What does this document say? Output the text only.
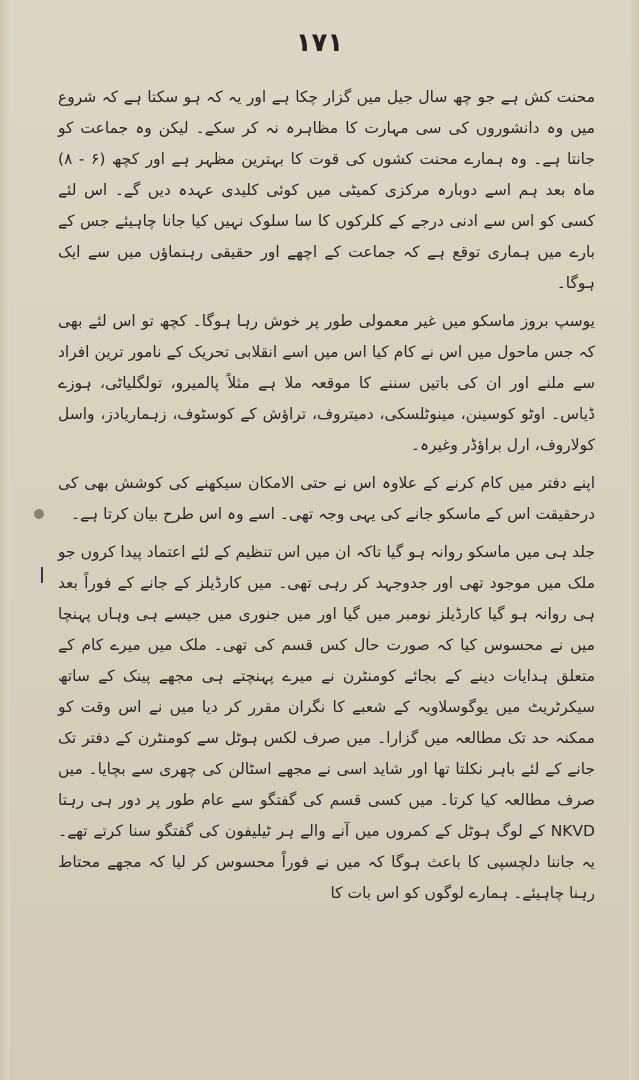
۱۷۱

محنت کش ہے جو چھ سال جیل میں گزار چکا ہے اور یہ کہ ہو سکتا ہے کہ شروع میں وہ دانشوروں کی سی مہارت کا مظاہرہ نہ کر سکے۔ لیکن وہ جماعت کو جانتا ہے۔ وہ ہمارے محنت کشوں کی قوت کا بہترین مظہر ہے اور کچھ (۶ - ۸) ماہ بعد ہم اسے دوبارہ مرکزی کمیٹی میں کوئی کلیدی عہدہ دیں گے۔ اس لئے کسی کو اس سے ادنی درجے کے کلرکوں کا سا سلوک نہیں کیا جانا چاہیئے جس کے بارے میں ہماری توقع ہے کہ جماعت کے اچھے اور حقیقی رہنماؤں میں سے ایک ہوگا۔

یوسپ بروز ماسکو میں غیر معمولی طور پر خوش رہا ہوگا۔ کچھ تو اس لئے بھی کہ جس ماحول میں اس نے کام کیا اس میں اسے انقلابی تحریک کے نامور ترین افراد سے ملنے اور ان کی باتیں سننے کا موقعہ ملا ہے مثلاً پالمیرو، تولگلیاٹی، ہوزے ڈیاس۔ اوٹو کوسینن، مینوٹلسکی، دمیتروف، تراؤش کے کوسٹوف، زہماریادز، واسل کولاروف، ارل براؤڈر وغیرہ۔

اپنے دفتر میں کام کرنے کے علاوہ اس نے حتی الامکان سیکھنے کی کوشش بھی کی درحقیقت اس کے ماسکو جانے کی یہی وجہ تھی۔ اسے وہ اس طرح بیان کرتا ہے۔

جلد ہی میں ماسکو روانہ ہو گیا تاکہ ان میں اس تنظیم کے لئے اعتماد پیدا کروں جو ملک میں موجود تھی اور جدوجہد کر رہی تھی۔ میں کارڈیلز کے جانے کے فوراً بعد ہی روانہ ہو گیا کارڈیلز نومبر میں گیا اور میں جنوری میں جیسے ہی وہاں پہنچا میں نے محسوس کیا کہ صورت حال کس قسم کی تھی۔ ملک میں میرے کام کے متعلق ہدایات دینے کے بجائے کومنٹرن نے میرے پہنچتے ہی مجھے پینک کے ساتھ سیکرٹریٹ میں یوگوسلاویہ کے شعبے کا نگران مقرر کر دیا میں نے اس وقت کو ممکنہ حد تک مطالعہ میں گزارا۔ میں صرف لکس ہوٹل سے کومنٹرن کے دفتر تک جانے کے لئے باہر نکلتا تھا اور شاید اسی نے مجھے اسٹالن کی چھری سے بچایا۔ میں صرف مطالعہ کیا کرتا۔ میں کسی قسم کی گفتگو سے عام طور پر دور ہی رہتا NKVD کے لوگ ہوٹل کے کمروں میں آنے والے ہر ٹیلیفون کی گفتگو سنا کرتے تھے۔ یہ جاننا دلچسپی کا باعث ہوگا کہ میں نے فوراً محسوس کر لیا کہ مجھے محتاط رہنا چاہیئے۔ ہمارے لوگوں کو اس بات کا
